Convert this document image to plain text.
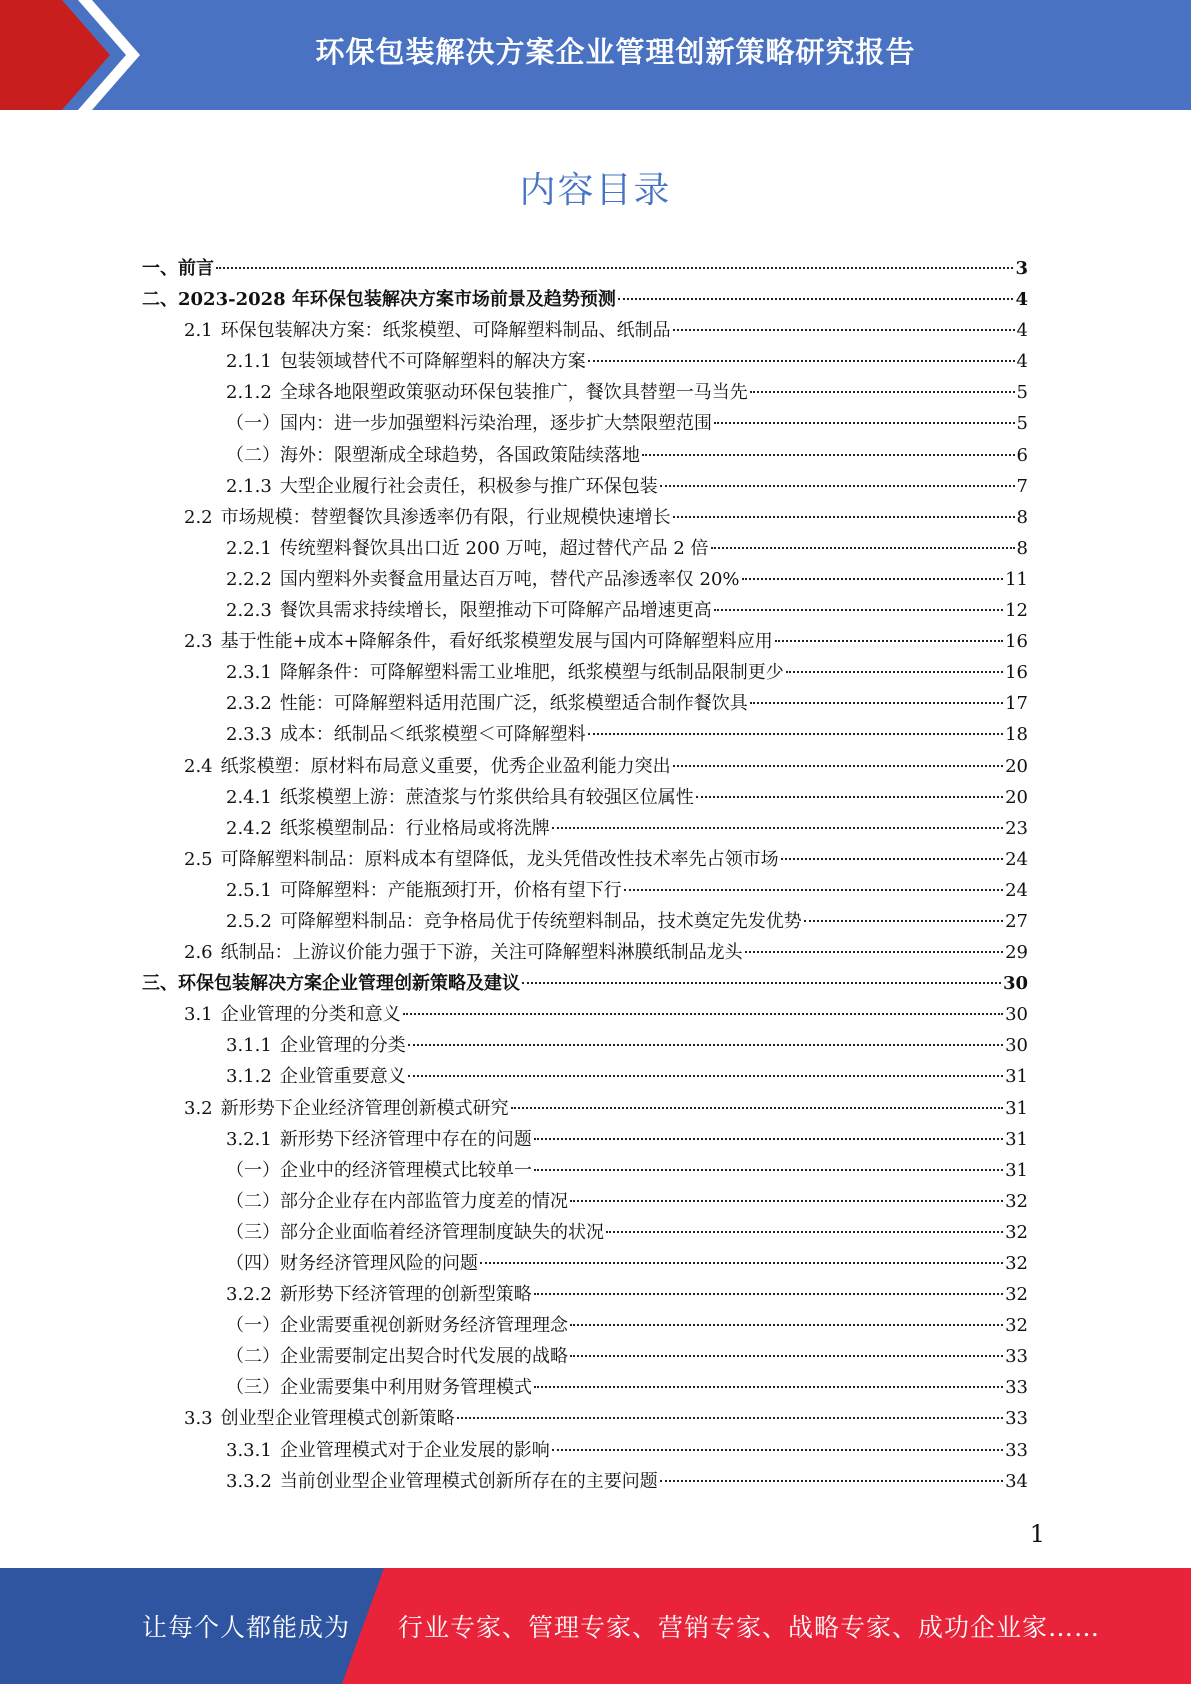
环保包装解决方案企业管理创新策略研究报告
内容目录
一、前言	3
二、2023-2028 年环保包装解决方案市场前景及趋势预测	4
2.1 环保包装解决方案：纸浆模塑、可降解塑料制品、纸制品	4
2.1.1 包装领域替代不可降解塑料的解决方案	4
2.1.2 全球各地限塑政策驱动环保包装推广，餐饮具替塑一马当先	5
（一）国内：进一步加强塑料污染治理，逐步扩大禁限塑范围	5
（二）海外：限塑渐成全球趋势，各国政策陆续落地	6
2.1.3 大型企业履行社会责任，积极参与推广环保包装	7
2.2 市场规模：替塑餐饮具渗透率仍有限，行业规模快速增长	8
2.2.1 传统塑料餐饮具出口近 200 万吨，超过替代产品 2 倍	8
2.2.2 国内塑料外卖餐盒用量达百万吨，替代产品渗透率仅 20%	11
2.2.3 餐饮具需求持续增长，限塑推动下可降解产品增速更高	12
2.3 基于性能+成本+降解条件，看好纸浆模塑发展与国内可降解塑料应用	16
2.3.1 降解条件：可降解塑料需工业堆肥，纸浆模塑与纸制品限制更少	16
2.3.2 性能：可降解塑料适用范围广泛，纸浆模塑适合制作餐饮具	17
2.3.3 成本：纸制品＜纸浆模塑＜可降解塑料	18
2.4 纸浆模塑：原材料布局意义重要，优秀企业盈利能力突出	20
2.4.1 纸浆模塑上游：蔗渣浆与竹浆供给具有较强区位属性	20
2.4.2 纸浆模塑制品：行业格局或将洗牌	23
2.5 可降解塑料制品：原料成本有望降低，龙头凭借改性技术率先占领市场	24
2.5.1 可降解塑料：产能瓶颈打开，价格有望下行	24
2.5.2 可降解塑料制品：竞争格局优于传统塑料制品，技术奠定先发优势	27
2.6 纸制品：上游议价能力强于下游，关注可降解塑料淋膜纸制品龙头	29
三、环保包装解决方案企业管理创新策略及建议	30
3.1 企业管理的分类和意义	30
3.1.1 企业管理的分类	30
3.1.2 企业管重要意义	31
3.2 新形势下企业经济管理创新模式研究	31
3.2.1 新形势下经济管理中存在的问题	31
（一）企业中的经济管理模式比较单一	31
（二）部分企业存在内部监管力度差的情况	32
（三）部分企业面临着经济管理制度缺失的状况	32
（四）财务经济管理风险的问题	32
3.2.2 新形势下经济管理的创新型策略	32
（一）企业需要重视创新财务经济管理理念	32
（二）企业需要制定出契合时代发展的战略	33
（三）企业需要集中利用财务管理模式	33
3.3 创业型企业管理模式创新策略	33
3.3.1 企业管理模式对于企业发展的影响	33
3.3.2 当前创业型企业管理模式创新所存在的主要问题	34
1
让每个人都能成为 行业专家、管理专家、营销专家、战略专家、成功企业家……
